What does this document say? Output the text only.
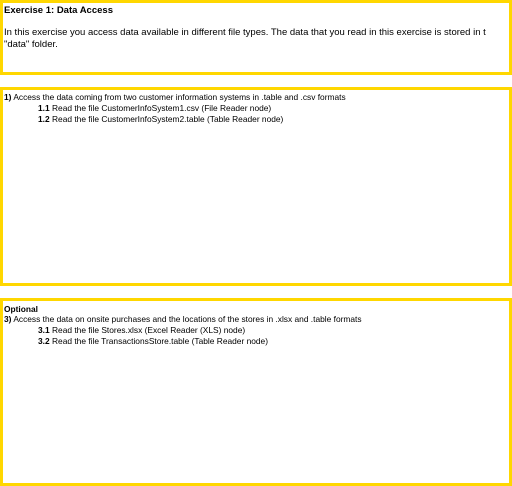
Exercise 1: Data Access
In this exercise you access data available in different file types. The data that you read in this exercise is stored in t
"data" folder.
1) Access the data coming from two customer information systems in .table and .csv formats
1.1 Read the file CustomerInfoSystem1.csv (File Reader node)
1.2 Read the file CustomerInfoSystem2.table (Table Reader node)
Optional
3) Access the data on onsite purchases and the locations of the stores in .xlsx and .table formats
3.1 Read the file Stores.xlsx (Excel Reader (XLS) node)
3.2 Read the file TransactionsStore.table (Table Reader node)
